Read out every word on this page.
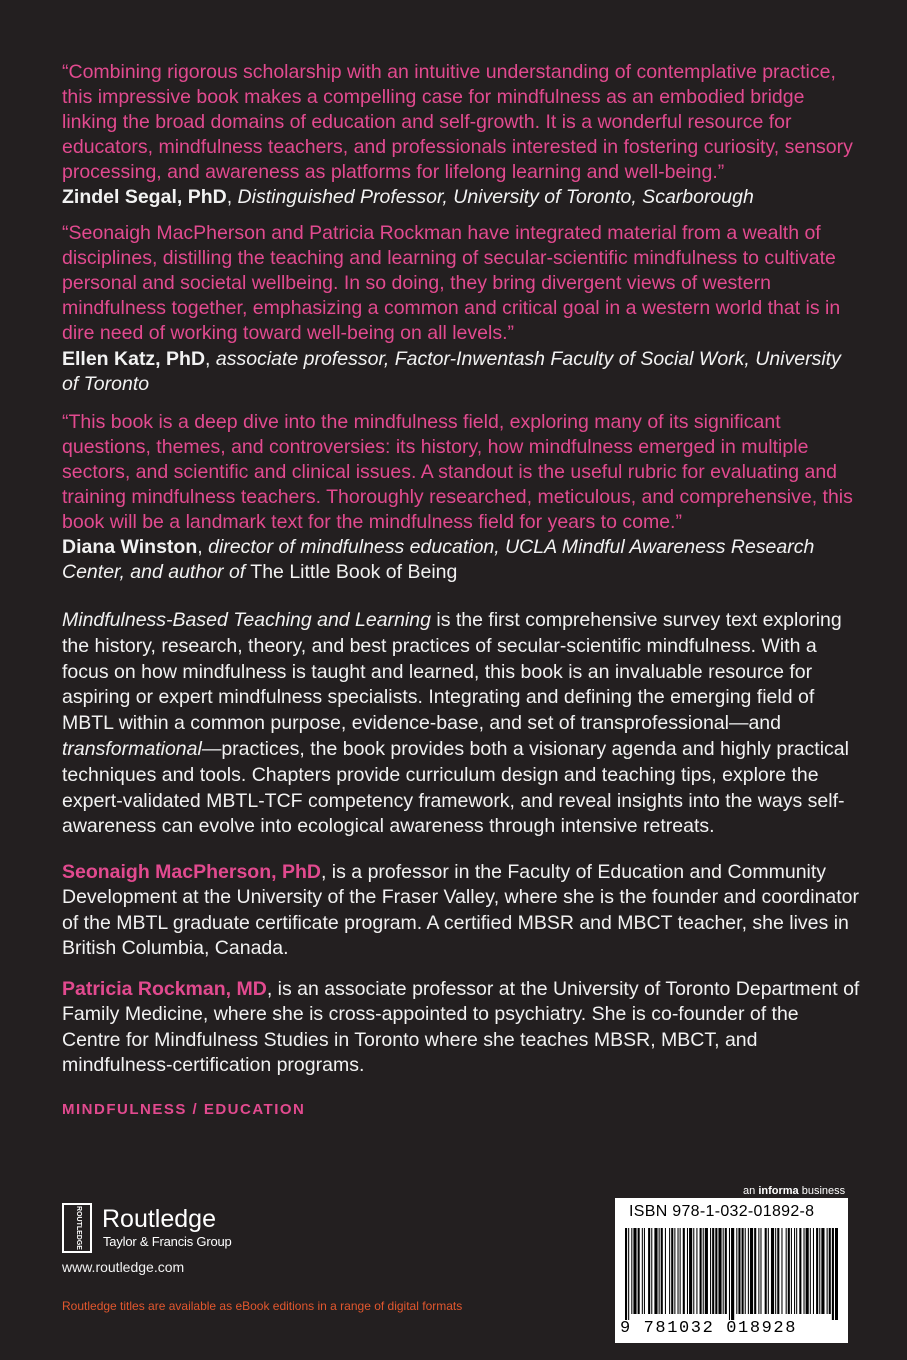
“Combining rigorous scholarship with an intuitive understanding of contemplative practice, this impressive book makes a compelling case for mindfulness as an embodied bridge linking the broad domains of education and self-growth. It is a wonderful resource for educators, mindfulness teachers, and professionals interested in fostering curiosity, sensory processing, and awareness as platforms for lifelong learning and well-being.”
Zindel Segal, PhD, Distinguished Professor, University of Toronto, Scarborough
“Seonaigh MacPherson and Patricia Rockman have integrated material from a wealth of disciplines, distilling the teaching and learning of secular-scientific mindfulness to cultivate personal and societal wellbeing. In so doing, they bring divergent views of western mindfulness together, emphasizing a common and critical goal in a western world that is in dire need of working toward well-being on all levels.”
Ellen Katz, PhD, associate professor, Factor-Inwentash Faculty of Social Work, University of Toronto
“This book is a deep dive into the mindfulness field, exploring many of its significant questions, themes, and controversies: its history, how mindfulness emerged in multiple sectors, and scientific and clinical issues. A standout is the useful rubric for evaluating and training mindfulness teachers. Thoroughly researched, meticulous, and comprehensive, this book will be a landmark text for the mindfulness field for years to come.”
Diana Winston, director of mindfulness education, UCLA Mindful Awareness Research Center, and author of The Little Book of Being
Mindfulness-Based Teaching and Learning is the first comprehensive survey text exploring the history, research, theory, and best practices of secular-scientific mindfulness. With a focus on how mindfulness is taught and learned, this book is an invaluable resource for aspiring or expert mindfulness specialists. Integrating and defining the emerging field of MBTL within a common purpose, evidence-base, and set of transprofessional—and transformational—practices, the book provides both a visionary agenda and highly practical techniques and tools. Chapters provide curriculum design and teaching tips, explore the expert-validated MBTL-TCF competency framework, and reveal insights into the ways self-awareness can evolve into ecological awareness through intensive retreats.
Seonaigh MacPherson, PhD, is a professor in the Faculty of Education and Community Development at the University of the Fraser Valley, where she is the founder and coordinator of the MBTL graduate certificate program. A certified MBSR and MBCT teacher, she lives in British Columbia, Canada.
Patricia Rockman, MD, is an associate professor at the University of Toronto Department of Family Medicine, where she is cross-appointed to psychiatry. She is co-founder of the Centre for Mindfulness Studies in Toronto where she teaches MBSR, MBCT, and mindfulness-certification programs.
MINDFULNESS / EDUCATION
ROUTLEDGE Routledge
Taylor & Francis Group
www.routledge.com
Routledge titles are available as eBook editions in a range of digital formats
an informa business
ISBN 978-1-032-01892-8
9 781032 018928
